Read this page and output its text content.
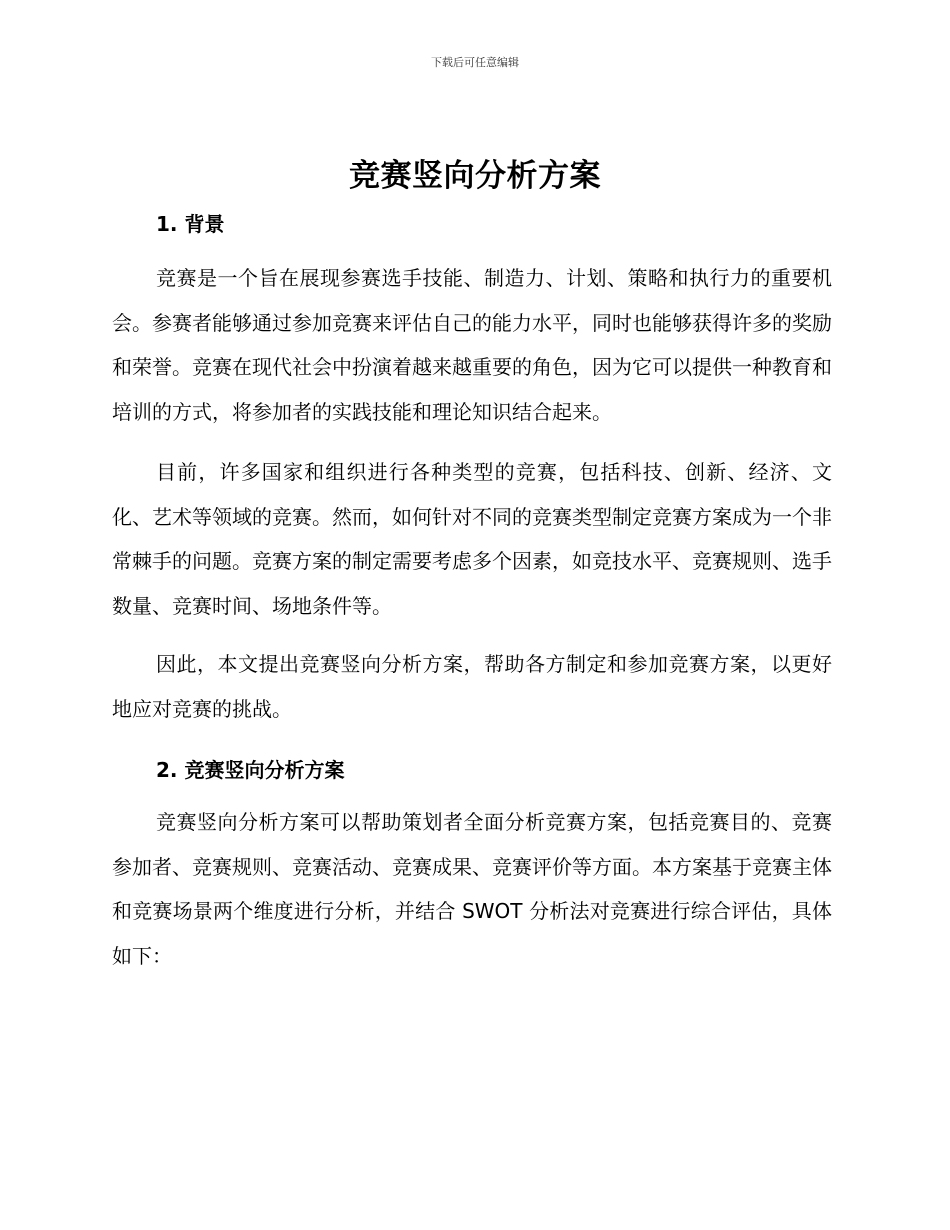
下载后可任意编辑
竞赛竖向分析方案
1. 背景

竞赛是一个旨在展现参赛选手技能、制造力、计划、策略和执行力的重要机会。参赛者能够通过参加竞赛来评估自己的能力水平，同时也能够获得许多的奖励和荣誉。竞赛在现代社会中扮演着越来越重要的角色，因为它可以提供一种教育和培训的方式，将参加者的实践技能和理论知识结合起来。

目前，许多国家和组织进行各种类型的竞赛，包括科技、创新、经济、文化、艺术等领域的竞赛。然而，如何针对不同的竞赛类型制定竞赛方案成为一个非常棘手的问题。竞赛方案的制定需要考虑多个因素，如竞技水平、竞赛规则、选手数量、竞赛时间、场地条件等。

因此，本文提出竞赛竖向分析方案，帮助各方制定和参加竞赛方案，以更好地应对竞赛的挑战。

2. 竞赛竖向分析方案

竞赛竖向分析方案可以帮助策划者全面分析竞赛方案，包括竞赛目的、竞赛参加者、竞赛规则、竞赛活动、竞赛成果、竞赛评价等方面。本方案基于竞赛主体和竞赛场景两个维度进行分析，并结合 SWOT 分析法对竞赛进行综合评估，具体如下：
